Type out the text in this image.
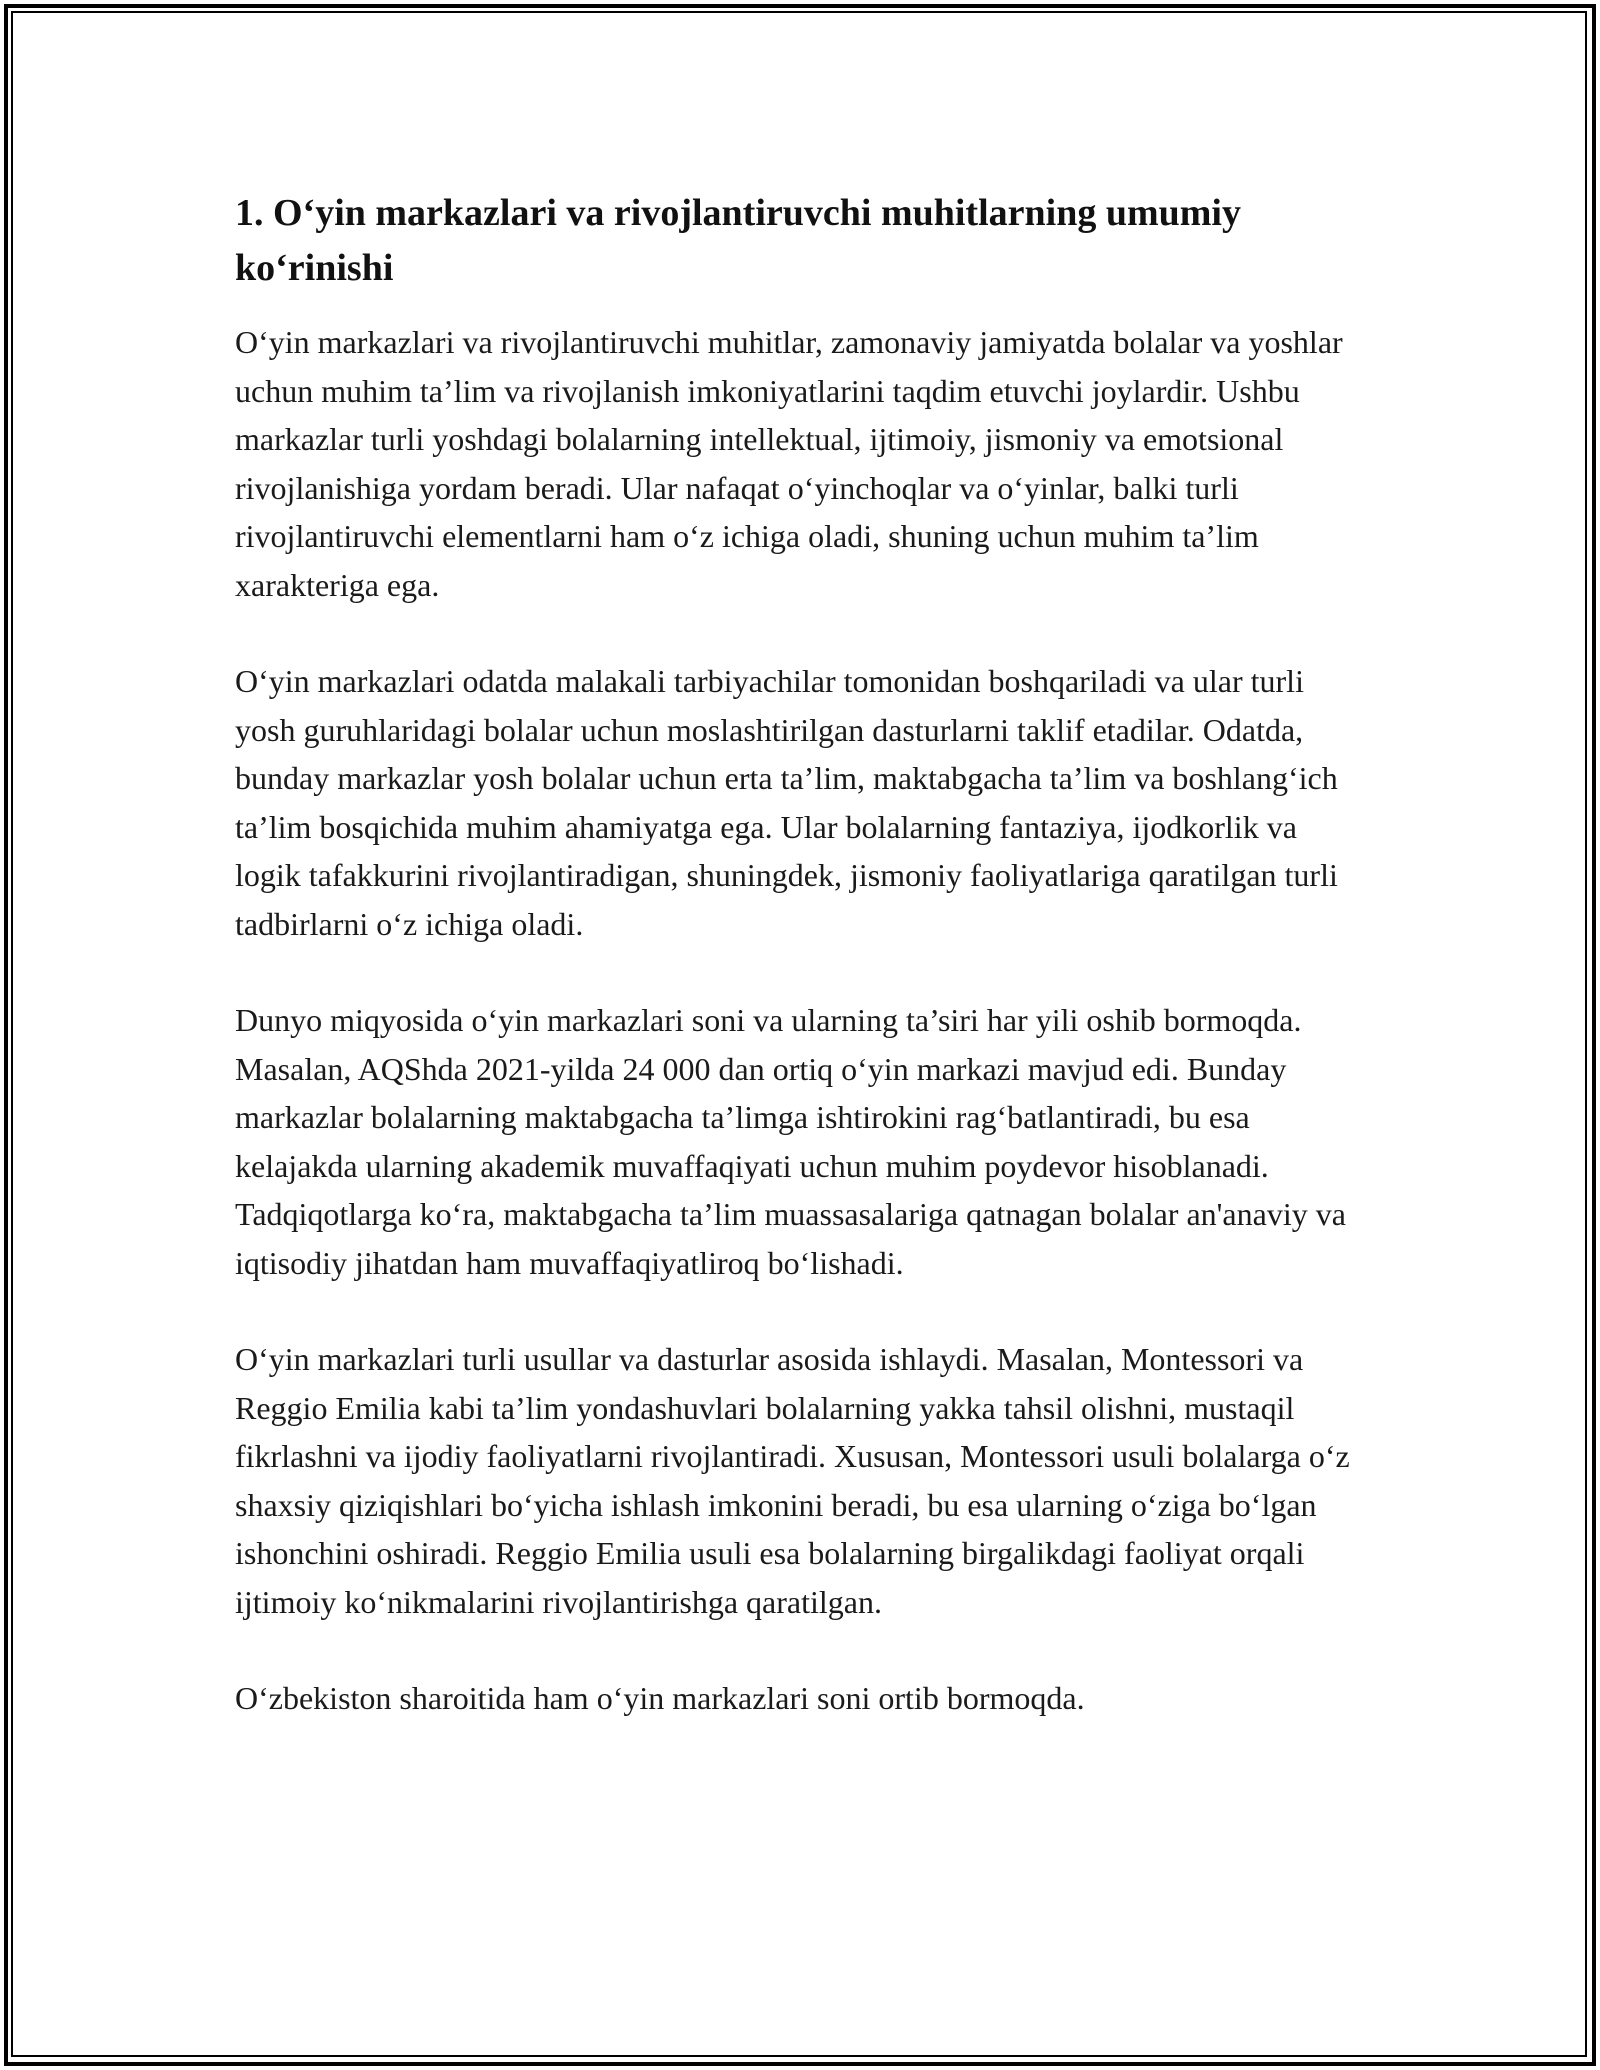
1. O‘yin markazlari va rivojlantiruvchi muhitlarning umumiy ko‘rinishi

O‘yin markazlari va rivojlantiruvchi muhitlar, zamonaviy jamiyatda bolalar va yoshlar uchun muhim ta’lim va rivojlanish imkoniyatlarini taqdim etuvchi joylardir. Ushbu markazlar turli yoshdagi bolalarning intellektual, ijtimoiy, jismoniy va emotsional rivojlanishiga yordam beradi. Ular nafaqat o‘yinchoqlar va o‘yinlar, balki turli rivojlantiruvchi elementlarni ham o‘z ichiga oladi, shuning uchun muhim ta’lim xarakteriga ega.

O‘yin markazlari odatda malakali tarbiyachilar tomonidan boshqariladi va ular turli yosh guruhlaridagi bolalar uchun moslashtirilgan dasturlarni taklif etadilar. Odatda, bunday markazlar yosh bolalar uchun erta ta’lim, maktabgacha ta’lim va boshlang‘ich ta’lim bosqichida muhim ahamiyatga ega. Ular bolalarning fantaziya, ijodkorlik va logik tafakkurini rivojlantiradigan, shuningdek, jismoniy faoliyatlariga qaratilgan turli tadbirlarni o‘z ichiga oladi.

Dunyo miqyosida o‘yin markazlari soni va ularning ta’siri har yili oshib bormoqda. Masalan, AQShda 2021-yilda 24 000 dan ortiq o‘yin markazi mavjud edi. Bunday markazlar bolalarning maktabgacha ta’limga ishtirokini rag‘batlantiradi, bu esa kelajakda ularning akademik muvaffaqiyati uchun muhim poydevor hisoblanadi. Tadqiqotlarga ko‘ra, maktabgacha ta’lim muassasalariga qatnagan bolalar an'anaviy va iqtisodiy jihatdan ham muvaffaqiyatliroq bo‘lishadi.

O‘yin markazlari turli usullar va dasturlar asosida ishlaydi. Masalan, Montessori va Reggio Emilia kabi ta’lim yondashuvlari bolalarning yakka tahsil olishni, mustaqil fikrlashni va ijodiy faoliyatlarni rivojlantiradi. Xususan, Montessori usuli bolalarga o‘z shaxsiy qiziqishlari bo‘yicha ishlash imkonini beradi, bu esa ularning o‘ziga bo‘lgan ishonchini oshiradi. Reggio Emilia usuli esa bolalarning birgalikdagi faoliyat orqali ijtimoiy ko‘nikmalarini rivojlantirishga qaratilgan.

O‘zbekiston sharoitida ham o‘yin markazlari soni ortib bormoqda.
